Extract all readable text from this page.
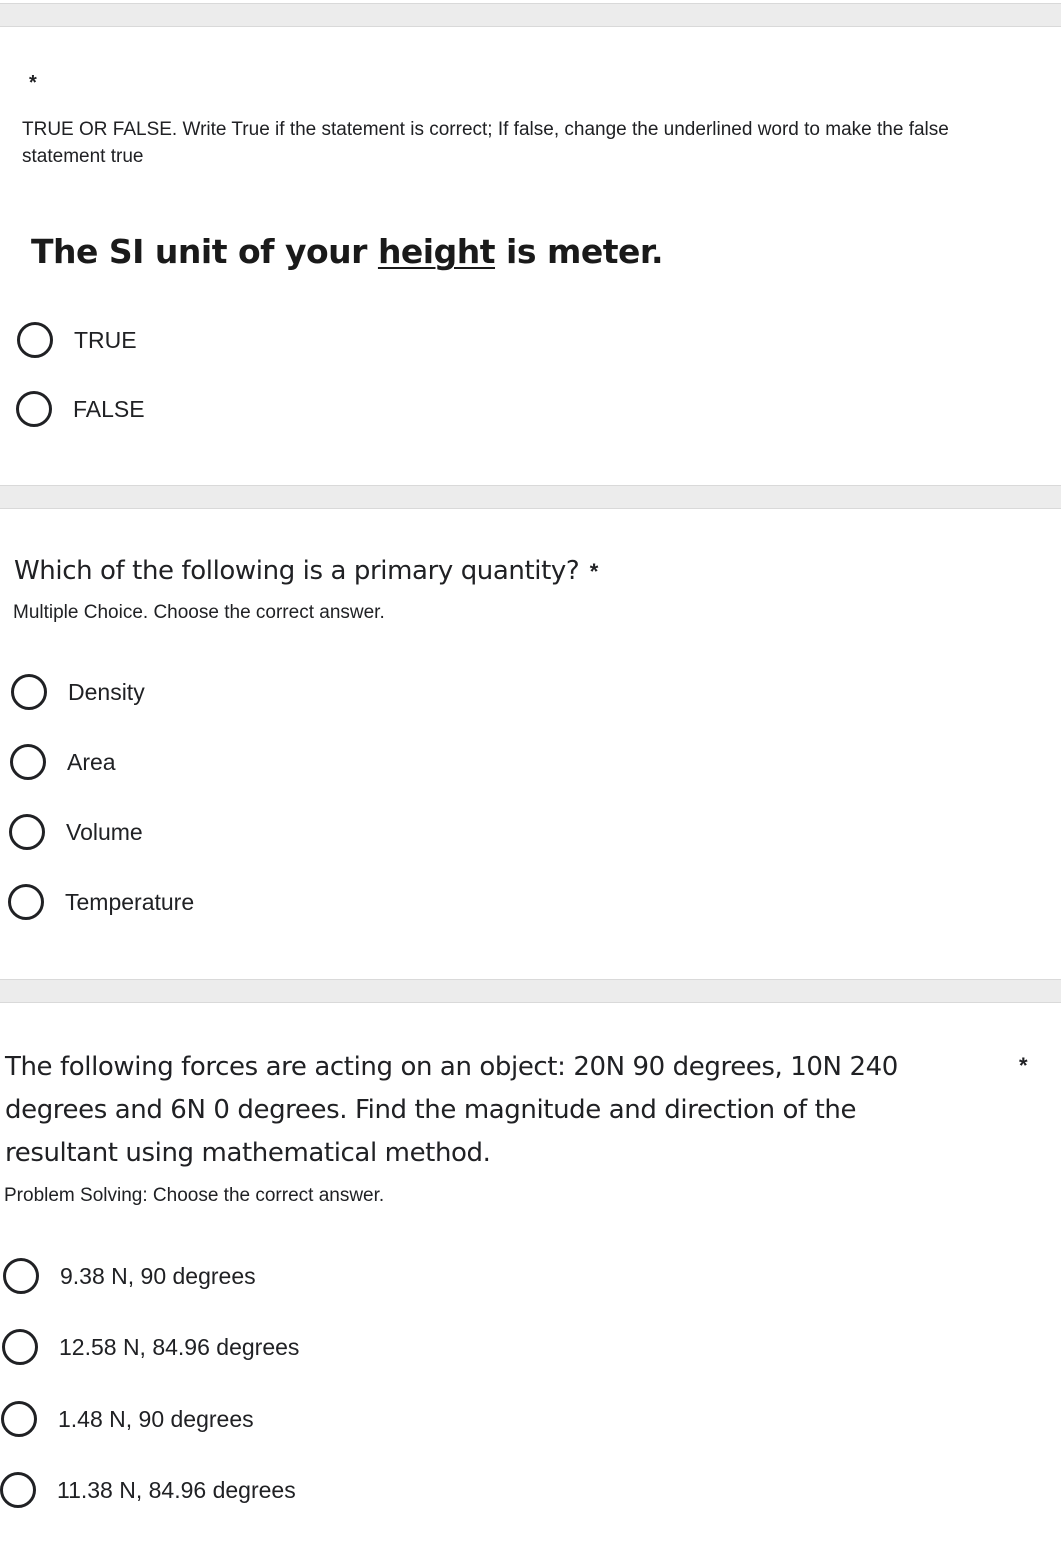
*
TRUE OR FALSE. Write True if the statement is correct; If false, change the underlined word to make the false statement true
The SI unit of your height is meter.
TRUE
FALSE
Which of the following is a primary quantity? *
Multiple Choice. Choose the correct answer.
Density
Area
Volume
Temperature
The following forces are acting on an object: 20N 90 degrees, 10N 240 degrees and 6N 0 degrees. Find the magnitude and direction of the resultant using mathematical method.
*
Problem Solving: Choose the correct answer.
9.38 N, 90 degrees
12.58 N, 84.96 degrees
1.48 N, 90 degrees
11.38 N, 84.96 degrees
